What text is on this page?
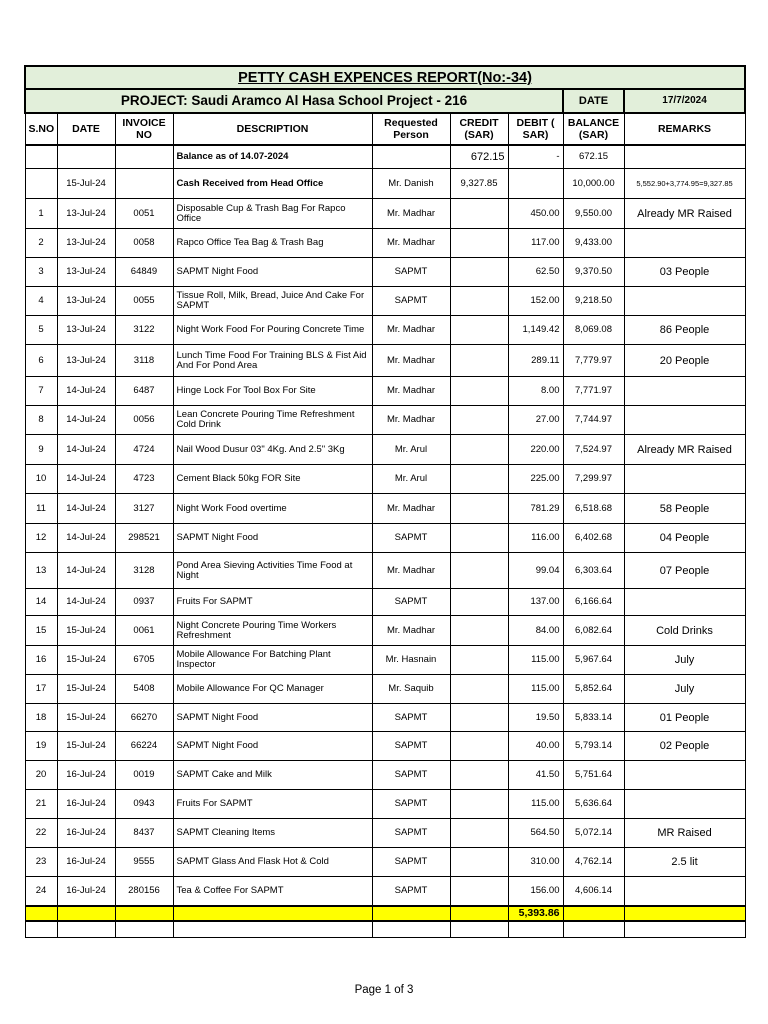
PETTY CASH EXPENCES REPORT(No:-34)								
PROJECT: Saudi Aramco Al Hasa School Project - 216							DATE	17/7/2024
S.NO	DATE	INVOICE NO	DESCRIPTION	Requested Person	CREDIT (SAR)	DEBIT ( SAR)	BALANCE (SAR)	REMARKS
			Balance as of 14.07-2024		672.15	-	672.15	
	15-Jul-24		Cash Received from Head Office	Mr. Danish	9,327.85		10,000.00	5,552.90+3,774.95=9,327.85
1	13-Jul-24	0051	Disposable Cup & Trash Bag For Rapco Office	Mr. Madhar		450.00	9,550.00	Already MR Raised
2	13-Jul-24	0058	Rapco Office Tea Bag & Trash Bag	Mr. Madhar		117.00	9,433.00	
3	13-Jul-24	64849	SAPMT Night Food	SAPMT		62.50	9,370.50	03 People
4	13-Jul-24	0055	Tissue Roll, Milk, Bread, Juice And Cake For SAPMT	SAPMT		152.00	9,218.50	
5	13-Jul-24	3122	Night Work Food For Pouring Concrete Time	Mr. Madhar		1,149.42	8,069.08	86 People
6	13-Jul-24	3118	Lunch Time Food For Training BLS & Fist Aid And For Pond Area	Mr. Madhar		289.11	7,779.97	20 People
7	14-Jul-24	6487	Hinge Lock For Tool Box For Site	Mr. Madhar		8.00	7,771.97	
8	14-Jul-24	0056	Lean Concrete Pouring Time Refreshment Cold Drink	Mr. Madhar		27.00	7,744.97	
9	14-Jul-24	4724	Nail Wood Dusur 03" 4Kg. And 2.5" 3Kg	Mr. Arul		220.00	7,524.97	Already MR Raised
10	14-Jul-24	4723	Cement Black 50kg FOR Site	Mr. Arul		225.00	7,299.97	
11	14-Jul-24	3127	Night Work Food overtime	Mr. Madhar		781.29	6,518.68	58 People
12	14-Jul-24	298521	SAPMT Night Food	SAPMT		116.00	6,402.68	04 People
13	14-Jul-24	3128	Pond Area Sieving Activities Time Food at Night	Mr. Madhar		99.04	6,303.64	07 People
14	14-Jul-24	0937	Fruits For SAPMT	SAPMT		137.00	6,166.64	
15	15-Jul-24	0061	Night Concrete Pouring Time Workers Refreshment	Mr. Madhar		84.00	6,082.64	Cold Drinks
16	15-Jul-24	6705	Mobile Allowance For Batching Plant Inspector	Mr. Hasnain		115.00	5,967.64	July
17	15-Jul-24	5408	Mobile Allowance For QC Manager	Mr. Saquib		115.00	5,852.64	July
18	15-Jul-24	66270	SAPMT Night Food	SAPMT		19.50	5,833.14	01 People
19	15-Jul-24	66224	SAPMT Night Food	SAPMT		40.00	5,793.14	02 People
20	16-Jul-24	0019	SAPMT Cake and Milk	SAPMT		41.50	5,751.64	
21	16-Jul-24	0943	Fruits For SAPMT	SAPMT		115.00	5,636.64	
22	16-Jul-24	8437	SAPMT Cleaning Items	SAPMT		564.50	5,072.14	MR Raised
23	16-Jul-24	9555	SAPMT Glass And Flask Hot & Cold	SAPMT		310.00	4,762.14	2.5 lit
24	16-Jul-24	280156	Tea & Coffee For SAPMT	SAPMT		156.00	4,606.14	
						5,393.86		

Page 1 of 3
